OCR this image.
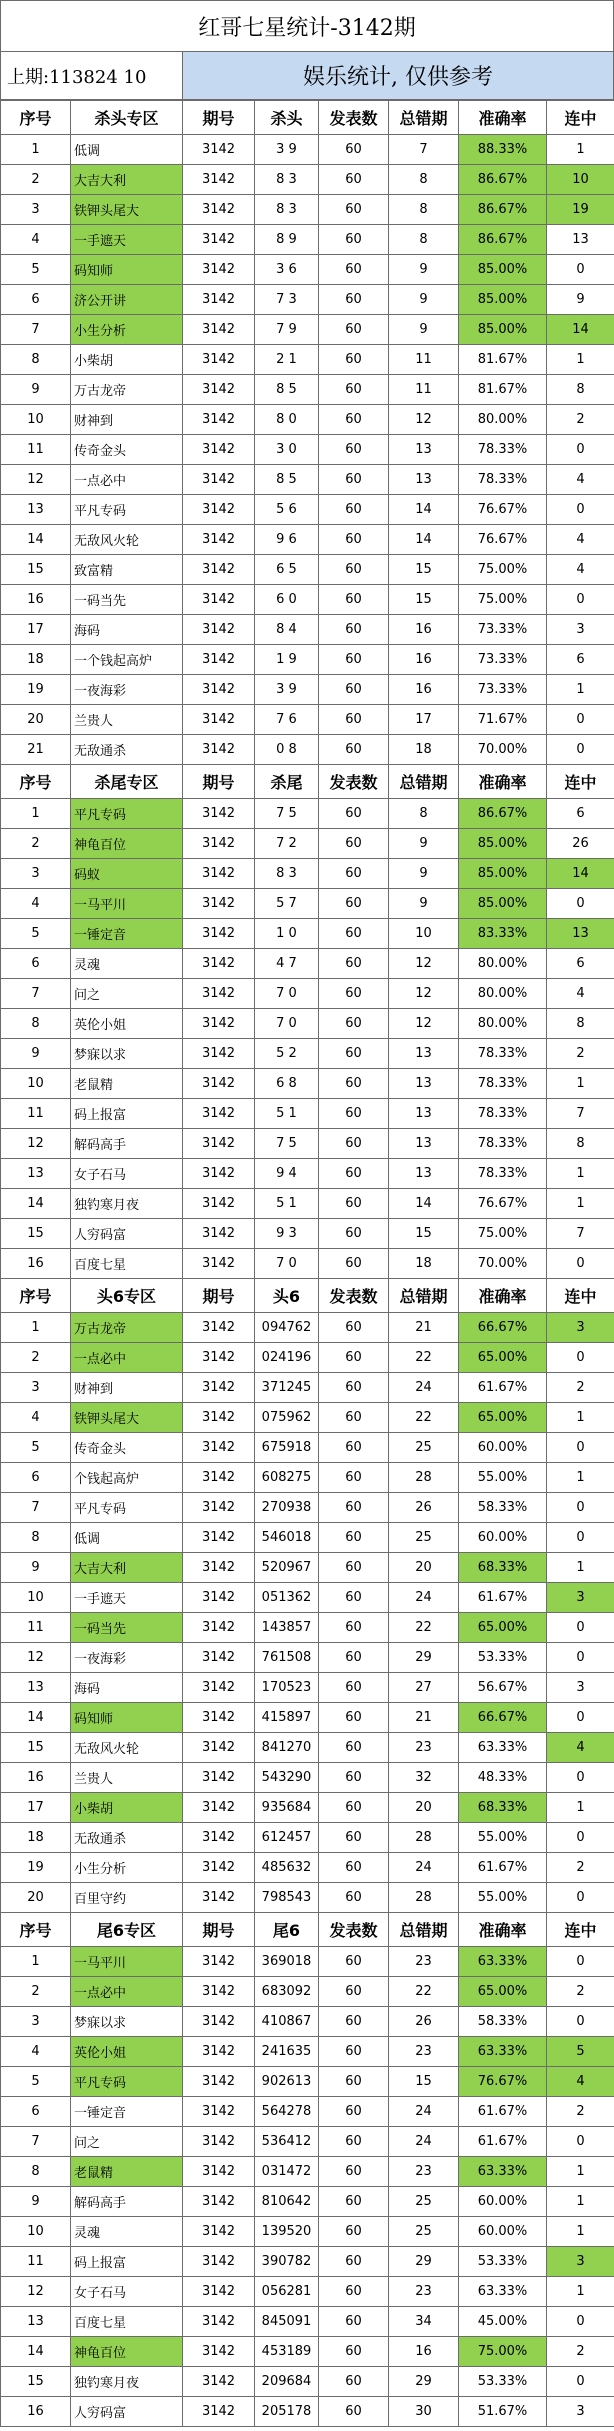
红哥七星统计-3142期
上期:113824 10	娱乐统计, 仅供参考
序号	杀头专区	期号	杀头	发表数	总错期	准确率	连中
1	低调	3142	3 9	60	7	88.33%	1
2	大吉大利	3142	8 3	60	8	86.67%	10
3	铁钾头尾大	3142	8 3	60	8	86.67%	19
4	一手遮天	3142	8 9	60	8	86.67%	13
5	码知师	3142	3 6	60	9	85.00%	0
6	济公开讲	3142	7 3	60	9	85.00%	9
7	小生分析	3142	7 9	60	9	85.00%	14
8	小柴胡	3142	2 1	60	11	81.67%	1
9	万古龙帝	3142	8 5	60	11	81.67%	8
10	财神到	3142	8 0	60	12	80.00%	2
11	传奇金头	3142	3 0	60	13	78.33%	0
12	一点必中	3142	8 5	60	13	78.33%	4
13	平凡专码	3142	5 6	60	14	76.67%	0
14	无敌风火轮	3142	9 6	60	14	76.67%	4
15	致富精	3142	6 5	60	15	75.00%	4
16	一码当先	3142	6 0	60	15	75.00%	0
17	海码	3142	8 4	60	16	73.33%	3
18	一个钱起高炉	3142	1 9	60	16	73.33%	6
19	一夜海彩	3142	3 9	60	16	73.33%	1
20	兰贵人	3142	7 6	60	17	71.67%	0
21	无敌通杀	3142	0 8	60	18	70.00%	0
序号	杀尾专区	期号	杀尾	发表数	总错期	准确率	连中
1	平凡专码	3142	7 5	60	8	86.67%	6
2	神龟百位	3142	7 2	60	9	85.00%	26
3	码蚁	3142	8 3	60	9	85.00%	14
4	一马平川	3142	5 7	60	9	85.00%	0
5	一锤定音	3142	1 0	60	10	83.33%	13
6	灵魂	3142	4 7	60	12	80.00%	6
7	问之	3142	7 0	60	12	80.00%	4
8	英伦小姐	3142	7 0	60	12	80.00%	8
9	梦寐以求	3142	5 2	60	13	78.33%	2
10	老鼠精	3142	6 8	60	13	78.33%	1
11	码上报富	3142	5 1	60	13	78.33%	7
12	解码高手	3142	7 5	60	13	78.33%	8
13	女子石马	3142	9 4	60	13	78.33%	1
14	独钓寒月夜	3142	5 1	60	14	76.67%	1
15	人穷码富	3142	9 3	60	15	75.00%	7
16	百度七星	3142	7 0	60	18	70.00%	0
序号	头6专区	期号	头6	发表数	总错期	准确率	连中
1	万古龙帝	3142	094762	60	21	66.67%	3
2	一点必中	3142	024196	60	22	65.00%	0
3	财神到	3142	371245	60	24	61.67%	2
4	铁钾头尾大	3142	075962	60	22	65.00%	1
5	传奇金头	3142	675918	60	25	60.00%	0
6	个钱起高炉	3142	608275	60	28	55.00%	1
7	平凡专码	3142	270938	60	26	58.33%	0
8	低调	3142	546018	60	25	60.00%	0
9	大吉大利	3142	520967	60	20	68.33%	1
10	一手遮天	3142	051362	60	24	61.67%	3
11	一码当先	3142	143857	60	22	65.00%	0
12	一夜海彩	3142	761508	60	29	53.33%	0
13	海码	3142	170523	60	27	56.67%	3
14	码知师	3142	415897	60	21	66.67%	0
15	无敌风火轮	3142	841270	60	23	63.33%	4
16	兰贵人	3142	543290	60	32	48.33%	0
17	小柴胡	3142	935684	60	20	68.33%	1
18	无敌通杀	3142	612457	60	28	55.00%	0
19	小生分析	3142	485632	60	24	61.67%	2
20	百里守约	3142	798543	60	28	55.00%	0
序号	尾6专区	期号	尾6	发表数	总错期	准确率	连中
1	一马平川	3142	369018	60	23	63.33%	0
2	一点必中	3142	683092	60	22	65.00%	2
3	梦寐以求	3142	410867	60	26	58.33%	0
4	英伦小姐	3142	241635	60	23	63.33%	5
5	平凡专码	3142	902613	60	15	76.67%	4
6	一锤定音	3142	564278	60	24	61.67%	2
7	问之	3142	536412	60	24	61.67%	0
8	老鼠精	3142	031472	60	23	63.33%	1
9	解码高手	3142	810642	60	25	60.00%	1
10	灵魂	3142	139520	60	25	60.00%	1
11	码上报富	3142	390782	60	29	53.33%	3
12	女子石马	3142	056281	60	23	63.33%	1
13	百度七星	3142	845091	60	34	45.00%	0
14	神龟百位	3142	453189	60	16	75.00%	2
15	独钓寒月夜	3142	209684	60	29	53.33%	0
16	人穷码富	3142	205178	60	30	51.67%	3
